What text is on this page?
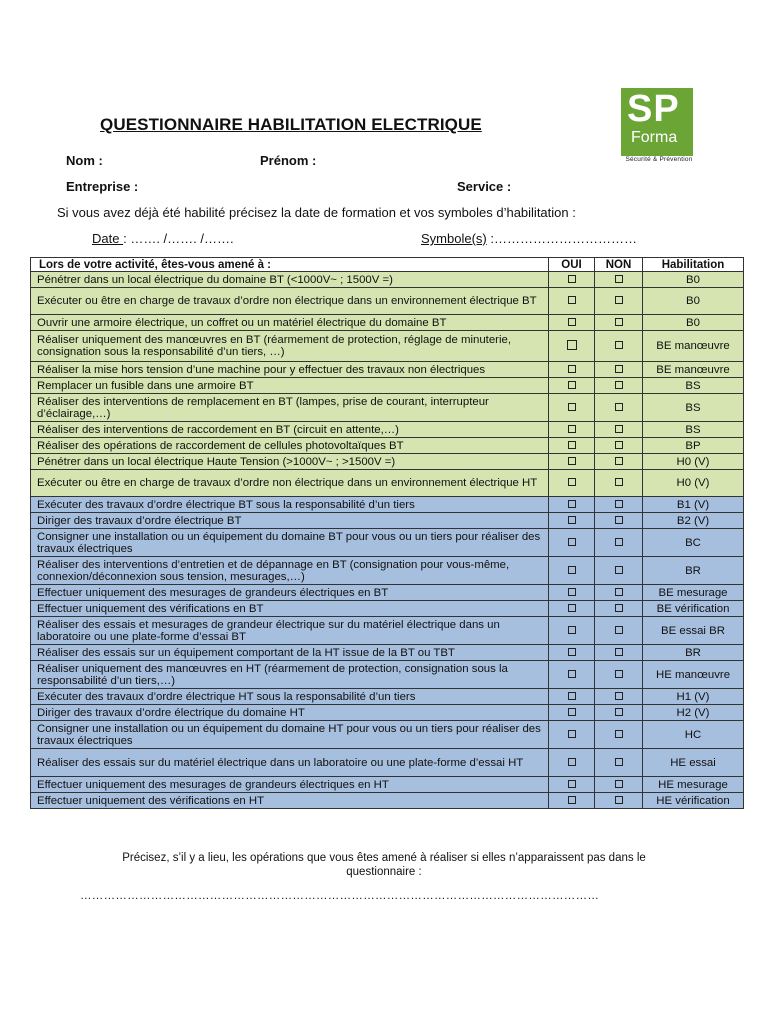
QUESTIONNAIRE HABILITATION ELECTRIQUE	SP
Forma
Sécurité & Prévention
Nom :	Prénom :
Entreprise :	Service :
Si vous avez déjà été habilité précisez la date de formation et vos symboles d’habilitation :
Date : ……. /……. /…….	Symbole(s) :……………………………
Lors de votre activité, êtes-vous amené à :	OUI	NON	Habilitation
Pénétrer dans un local électrique du domaine BT (<1000V~ ; 1500V =)			B0
Exécuter ou être en charge de travaux d’ordre non électrique dans un environnement électrique BT			B0
Ouvrir une armoire électrique, un coffret ou un matériel électrique du domaine BT			B0
Réaliser uniquement des manœuvres en BT (réarmement de protection, réglage de minuterie, consignation sous la responsabilité d’un tiers, …)			BE manœuvre
Réaliser la mise hors tension d’une machine pour y effectuer des travaux non électriques			BE manœuvre
Remplacer un fusible dans une armoire BT			BS
Réaliser des interventions de remplacement en BT (lampes, prise de courant, interrupteur d’éclairage,…)			BS
Réaliser des interventions de raccordement en BT (circuit en attente,…)			BS
Réaliser des opérations de raccordement de cellules photovoltaïques BT			BP
Pénétrer dans un local électrique Haute Tension (>1000V~ ; >1500V =)			H0 (V)
Exécuter ou être en charge de travaux d’ordre non électrique dans un environnement électrique HT			H0 (V)
Exécuter des travaux d’ordre électrique BT sous la responsabilité d’un tiers			B1 (V)
Diriger des travaux d’ordre électrique BT			B2 (V)
Consigner une installation ou un équipement du domaine BT pour vous ou un tiers pour réaliser des travaux électriques			BC
Réaliser des interventions d’entretien et de dépannage en BT (consignation pour vous-même, connexion/déconnexion sous tension, mesurages,…)			BR
Effectuer uniquement des mesurages de grandeurs électriques en BT			BE mesurage
Effectuer uniquement des vérifications en BT			BE vérification
Réaliser des essais et mesurages de grandeur électrique sur du matériel électrique dans un laboratoire ou une plate-forme d’essai BT			BE essai BR
Réaliser des essais sur un équipement comportant de la HT issue de la BT ou TBT			BR
Réaliser uniquement des manœuvres en HT (réarmement de protection, consignation sous la responsabilité d’un tiers,…)			HE manœuvre
Exécuter des travaux d’ordre électrique HT sous la responsabilité d’un tiers			H1 (V)
Diriger des travaux d’ordre électrique du domaine HT			H2 (V)
Consigner une installation ou un équipement du domaine HT pour vous ou un tiers pour réaliser des travaux électriques			HC
Réaliser des essais sur du matériel électrique dans un laboratoire ou une plate-forme d’essai HT			HE essai
Effectuer uniquement des mesurages de grandeurs électriques en HT			HE mesurage
Effectuer uniquement des vérifications en HT			HE vérification
Précisez, s’il y a lieu, les opérations que vous êtes amené à réaliser si elles n’apparaissent pas dans le
questionnaire :
……………………………………………………………………………………………………………………
